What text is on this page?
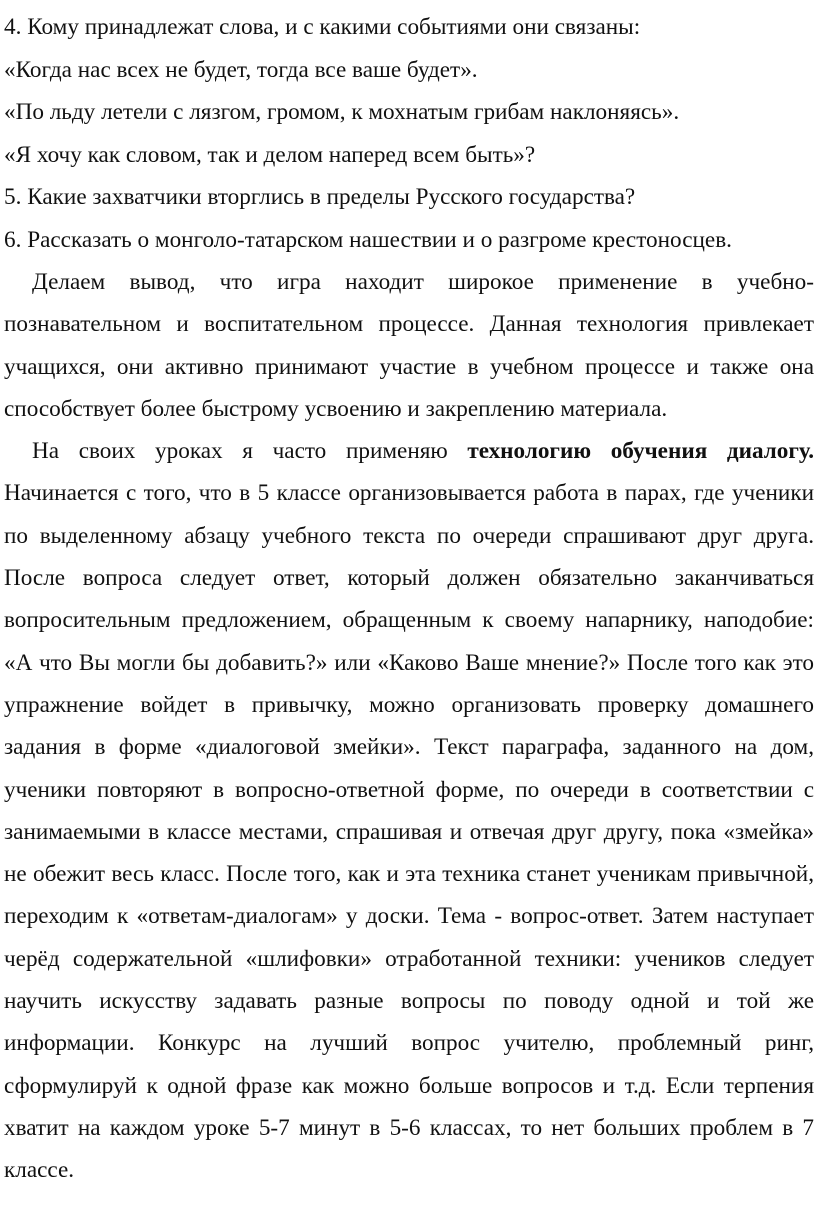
4. Кому принадлежат слова, и с какими событиями они связаны:

«Когда нас всех не будет, тогда все ваше будет».

«По льду летели с лязгом, громом, к мохнатым грибам наклоняясь».

«Я хочу как словом, так и делом наперед всем быть»?

5. Какие захватчики вторглись в пределы Русского государства?

6. Рассказать о монголо-татарском нашествии и о разгроме крестоносцев.

Делаем вывод, что игра находит широкое применение в учебно-познавательном и воспитательном процессе. Данная технология привлекает учащихся, они активно принимают участие в учебном процессе и также она способствует более быстрому усвоению и закреплению материала.

На своих уроках я часто применяю технологию обучения диалогу. Начинается с того, что в 5 классе организовывается работа в парах, где ученики по выделенному абзацу учебного текста по очереди спрашивают друг друга. После вопроса следует ответ, который должен обязательно заканчиваться вопросительным предложением, обращенным к своему напарнику, наподобие: «А что Вы могли бы добавить?» или «Каково Ваше мнение?» После того как это упражнение войдет в привычку, можно организовать проверку домашнего задания в форме «диалоговой змейки». Текст параграфа, заданного на дом, ученики повторяют в вопросно-ответной форме, по очереди в соответствии с занимаемыми в классе местами, спрашивая и отвечая друг другу, пока «змейка» не обежит весь класс. После того, как и эта техника станет ученикам привычной, переходим к «ответам-диалогам» у доски. Тема - вопрос-ответ. Затем наступает черёд содержательной «шлифовки» отработанной техники: учеников следует научить искусству задавать разные вопросы по поводу одной и той же информации. Конкурс на лучший вопрос учителю, проблемный ринг, сформулируй к одной фразе как можно больше вопросов и т.д. Если терпения хватит на каждом уроке 5-7 минут в 5-6 классах, то нет больших проблем в 7 классе.
